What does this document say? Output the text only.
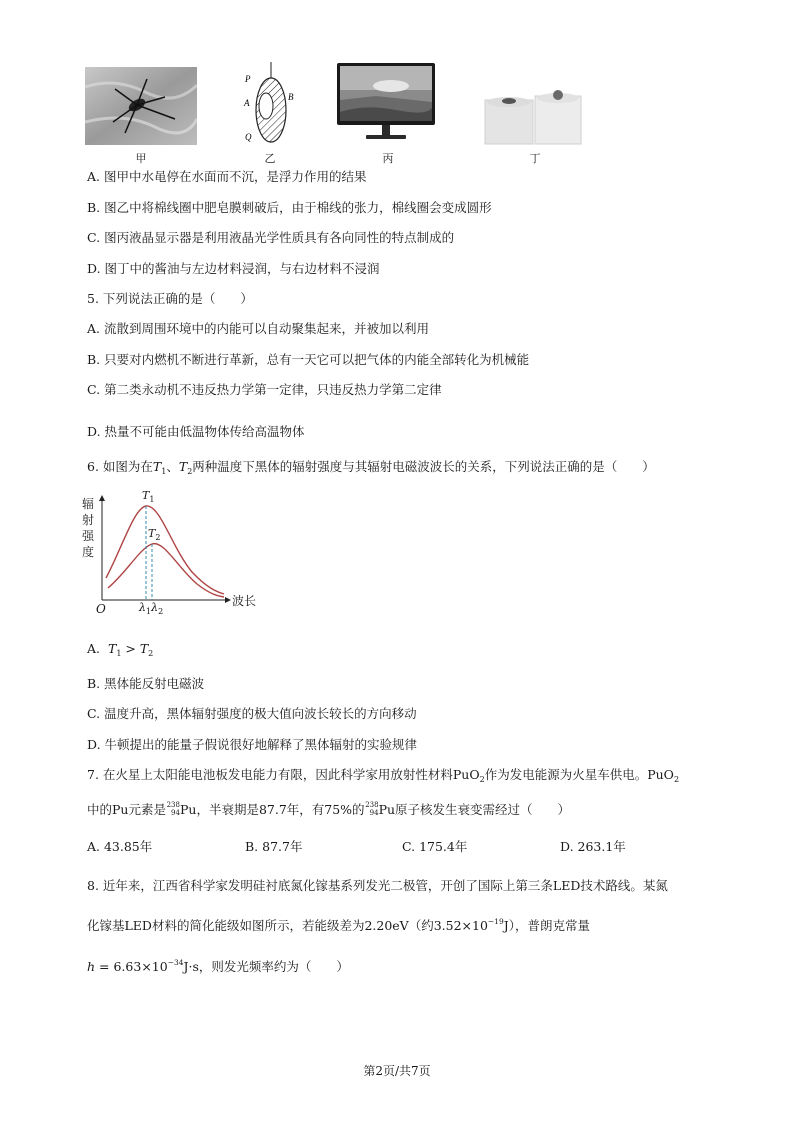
P
B
A
Q
甲	乙	丙	丁
A. 图甲中水黾停在水面而不沉，是浮力作用的结果
B. 图乙中将棉线圈中肥皂膜刺破后，由于棉线的张力，棉线圈会变成圆形
C. 图丙液晶显示器是利用液晶光学性质具有各向同性的特点制成的
D. 图丁中的酱油与左边材料浸润，与右边材料不浸润
5. 下列说法正确的是（　　）
A. 流散到周围环境中的内能可以自动聚集起来，并被加以利用
B. 只要对内燃机不断进行革新，总有一天它可以把气体的内能全部转化为机械能
C. 第二类永动机不违反热力学第一定律，只违反热力学第二定律
D. 热量不可能由低温物体传给高温物体
6. 如图为在$T_1$、$T_2$两种温度下黑体的辐射强度与其辐射电磁波波长的关系，下列说法正确的是（　　）
辐
射
强
度
O
波长
$T_1$
$T_2$
$\lambda_1\lambda_2$
A. $T_1 > T_2$
B. 黑体能反射电磁波
C. 温度升高，黑体辐射强度的极大值向波长较长的方向移动
D. 牛顿提出的能量子假说很好地解释了黑体辐射的实验规律
7. 在火星上太阳能电池板发电能力有限，因此科学家用放射性材料PuO$_2$作为发电能源为火星车供电。PuO$_2$
中的Pu元素是 238
94 Pu，半衰期是87.7年，有75%的 238
94 Pu原子核发生衰变需经过（　　）
A. 43.85年	B. 87.7年	C. 175.4年	D. 263.1年
8. 近年来，江西省科学家发明硅衬底氮化镓基系列发光二极管，开创了国际上第三条LED技术路线。某氮
化镓基LED材料的简化能级如图所示，若能级差为2.20eV（约$3.52\times 10^{-19}J$），普朗克常量
$h = 6.63\times 10^{-34}J\cdot s$，则发光频率约为（　　）
第2页/共7页
